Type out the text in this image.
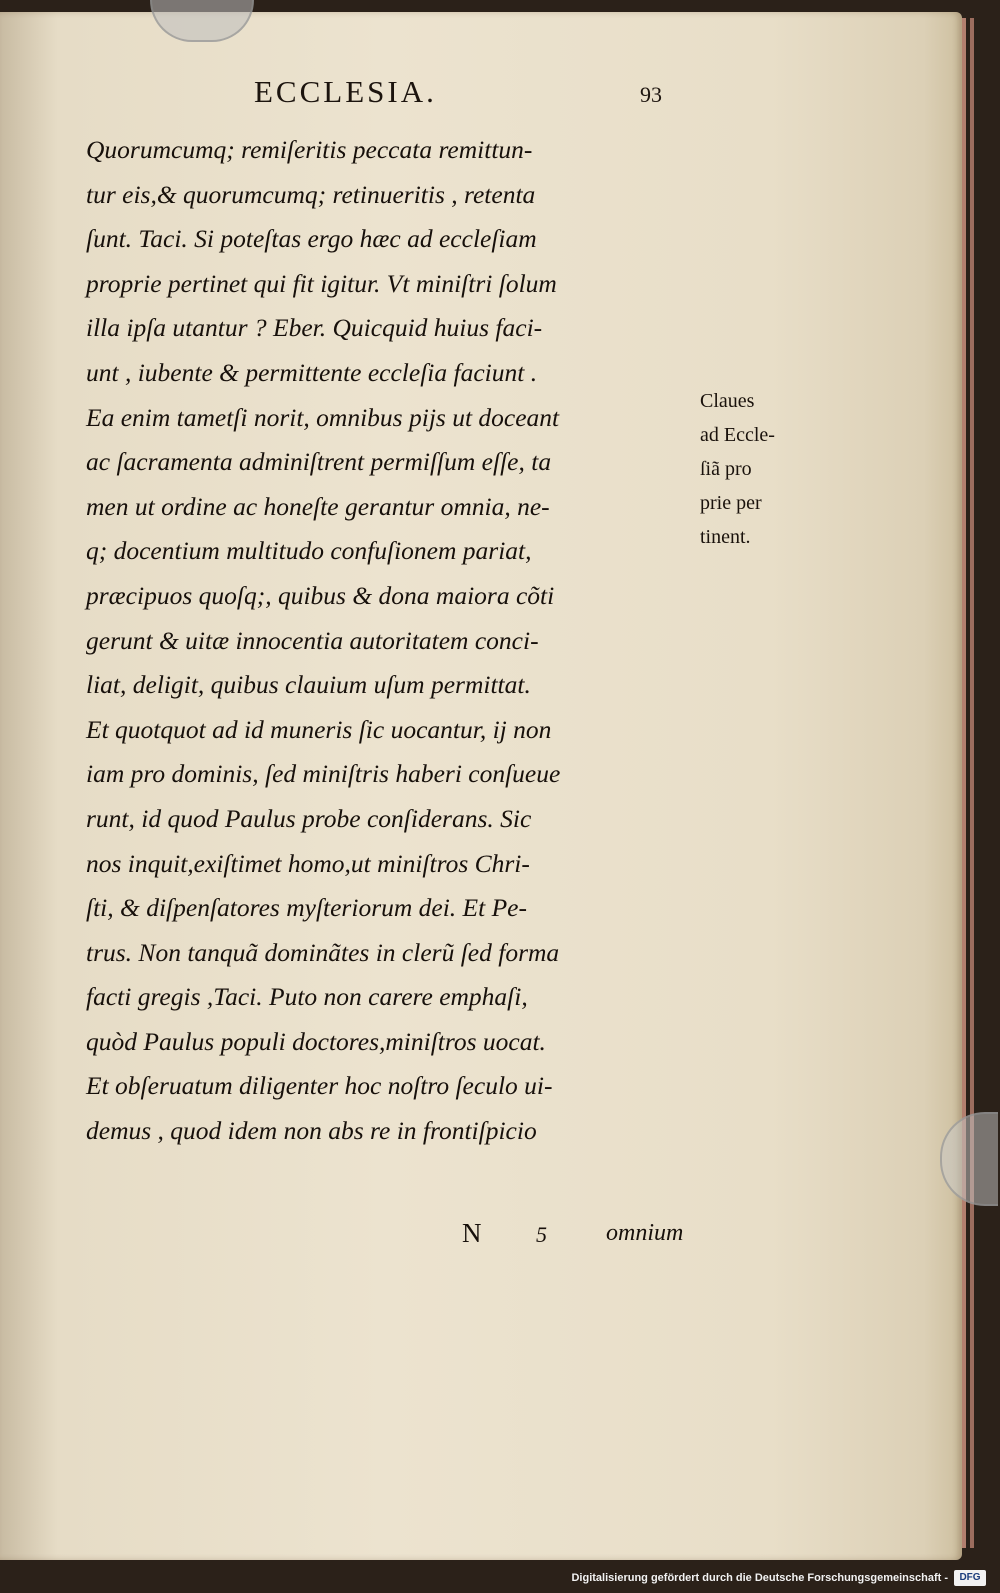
ECCLESIA.	93
Quorumcumq; remiſeritis peccata remittun-
tur eis,& quorumcumq; retinueritis , retenta
ſunt. Taci. Si poteſtas ergo hæc ad eccleſiam
proprie pertinet qui fit igitur. Vt miniſtri ſolum
illa ipſa utantur ? Eber. Quicquid huius faci-
unt , iubente & permittente eccleſia faciunt .
Ea enim tametſi norit, omnibus pijs ut doceant
ac ſacramenta adminiſtrent permiſſum eſſe, ta
men ut ordine ac honeſte gerantur omnia, ne-
q; docentium multitudo confuſionem pariat,
præcipuos quoſq;, quibus & dona maiora cõti
gerunt & uitæ innocentia autoritatem conci-
liat, deligit, quibus clauium uſum permittat.
Et quotquot ad id muneris ſic uocantur, ij non
iam pro dominis, ſed miniſtris haberi conſueue
runt, id quod Paulus probe conſiderans. Sic
nos inquit,exiſtimet homo,ut miniſtros Chri-
ſti, & diſpenſatores myſteriorum dei. Et Pe-
trus. Non tanquã dominãtes in clerũ ſed forma
facti gregis ,Taci. Puto non carere emphaſi,
quòd Paulus populi doctores,miniſtros uocat.
Et obſeruatum diligenter hoc noſtro ſeculo ui-
demus , quod idem non abs re in frontiſpicio
Claues
ad Eccle-
ſiã pro
prie per
tinent.
N 5 omnium
Digitalisierung gefördert durch die Deutsche Forschungsgemeinschaft -	DFG
